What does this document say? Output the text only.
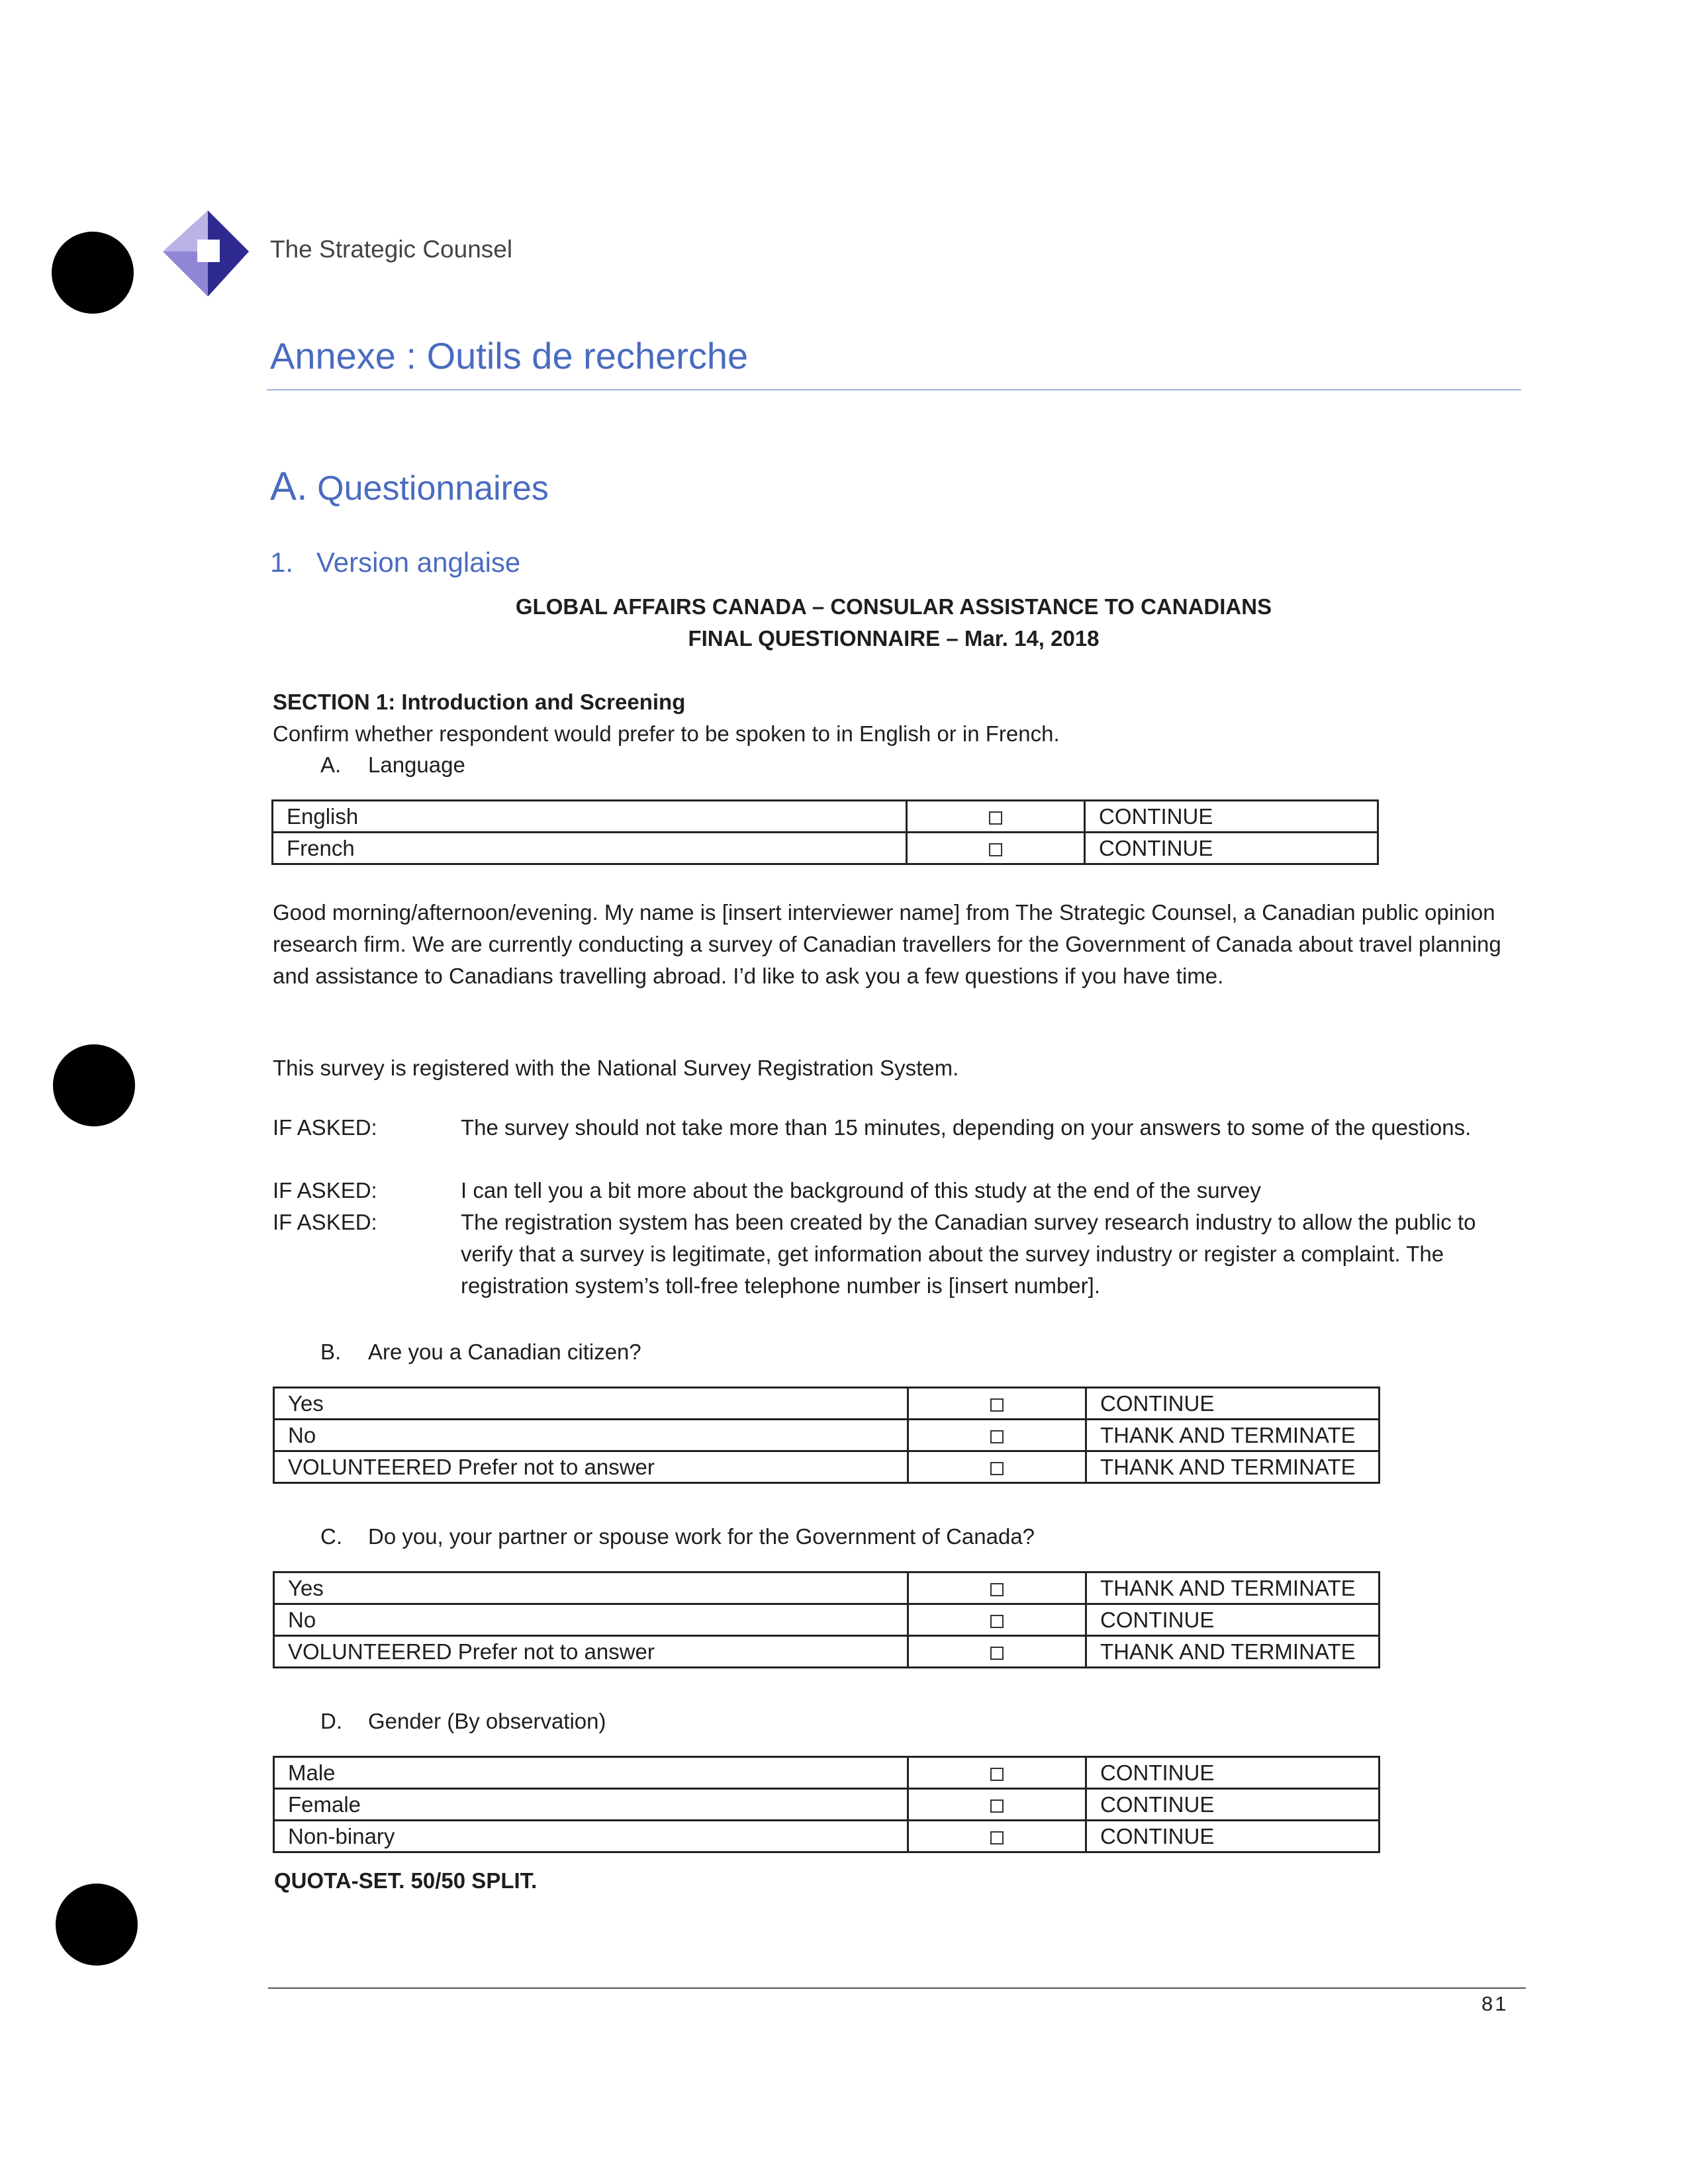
The Strategic Counsel
Annexe : Outils de recherche
A. Questionnaires
1. Version anglaise
GLOBAL AFFAIRS CANADA – CONSULAR ASSISTANCE TO CANADIANS
FINAL QUESTIONNAIRE – Mar. 14, 2018
SECTION 1: Introduction and Screening
Confirm whether respondent would prefer to be spoken to in English or in French.
A. Language
English		CONTINUE
French		CONTINUE
Good morning/afternoon/evening. My name is [insert interviewer name] from The Strategic Counsel, a Canadian public opinion research firm. We are currently conducting a survey of Canadian travellers for the Government of Canada about travel planning and assistance to Canadians travelling abroad. I’d like to ask you a few questions if you have time.
This survey is registered with the National Survey Registration System.
IF ASKED:	The survey should not take more than 15 minutes, depending on your answers to some of the questions.
IF ASKED:	I can tell you a bit more about the background of this study at the end of the survey
IF ASKED:	The registration system has been created by the Canadian survey research industry to allow the public to verify that a survey is legitimate, get information about the survey industry or register a complaint. The registration system’s toll-free telephone number is [insert number].
B. Are you a Canadian citizen?
Yes		CONTINUE
No		THANK AND TERMINATE
VOLUNTEERED Prefer not to answer		THANK AND TERMINATE
C. Do you, your partner or spouse work for the Government of Canada?
Yes		THANK AND TERMINATE
No		CONTINUE
VOLUNTEERED Prefer not to answer		THANK AND TERMINATE
D. Gender (By observation)
Male		CONTINUE
Female		CONTINUE
Non-binary		CONTINUE
QUOTA-SET. 50/50 SPLIT.
81
